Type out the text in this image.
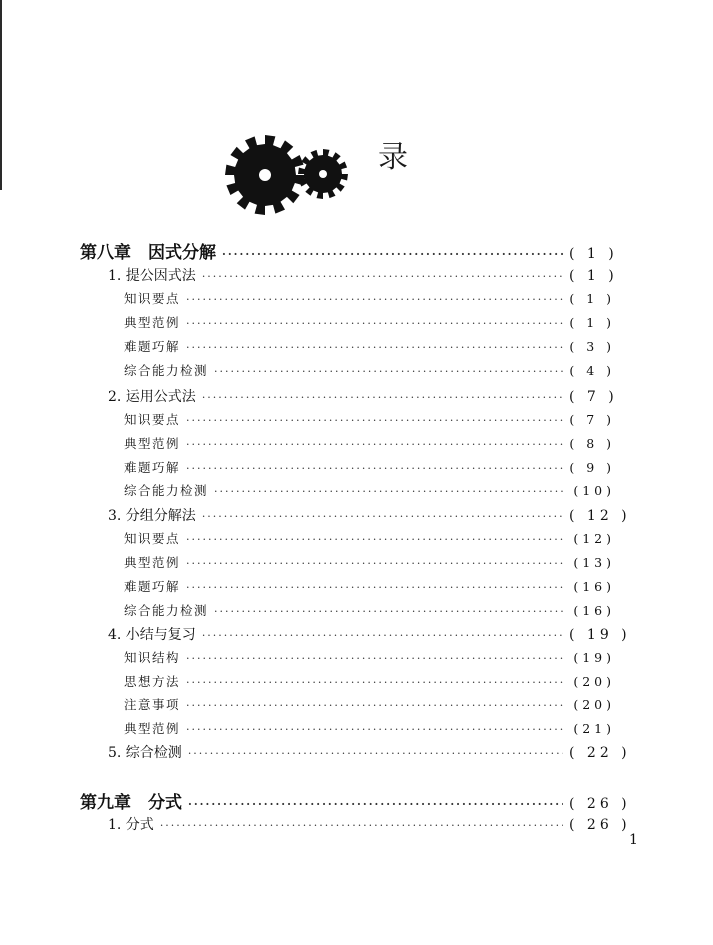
录
第八章　因式分解 ·····	( 1 )
1. 提公因式法 ·····	( 1 )
知识要点 ·····	( 1 )
典型范例 ·····	( 1 )
难题巧解 ·····	( 3 )
综合能力检测 ·····	( 4 )
2. 运用公式法 ·····	( 7 )
知识要点 ·····	( 7 )
典型范例 ·····	( 8 )
难题巧解 ·····	( 9 )
综合能力检测 ·····	(10)
3. 分组分解法 ·····	( 12 )
知识要点 ·····	(12)
典型范例 ·····	(13)
难题巧解 ·····	(16)
综合能力检测 ·····	(16)
4. 小结与复习 ·····	( 19 )
知识结构 ·····	(19)
思想方法 ·····	(20)
注意事项 ·····	(20)
典型范例 ·····	(21)
5. 综合检测 ·····	( 22 )
第九章　分式 ·····	( 26 )
1. 分式 ·····	( 26 )
1
